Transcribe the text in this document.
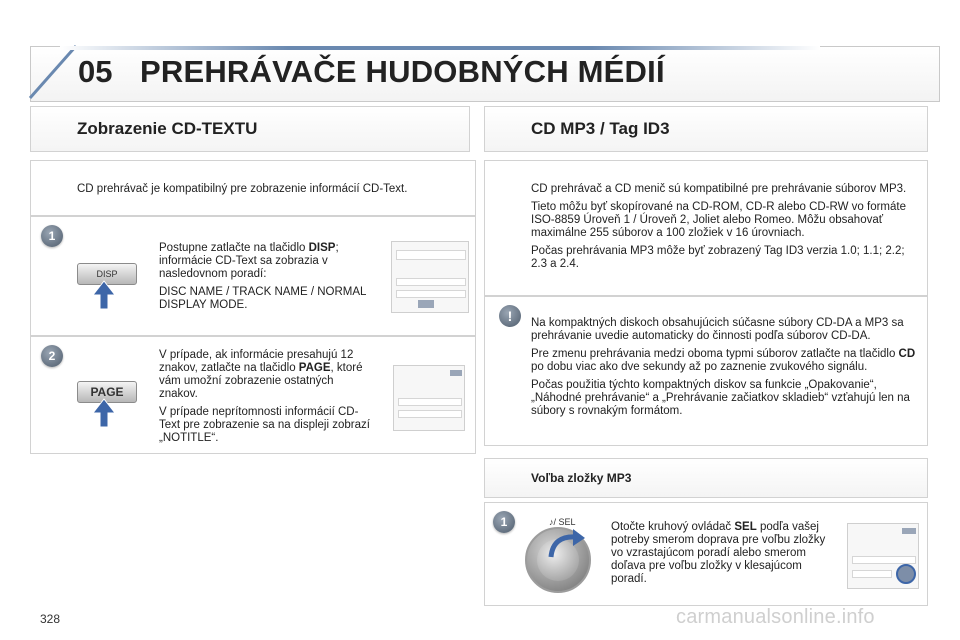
05 PREHRÁVAČE HUDOBNÝCH MÉDIÍ
Zobrazenie CD-TEXTU
CD prehrávač je kompatibilný pre zobrazenie informácií CD-Text.
1
DISP

Postupne zatlačte na tlačidlo DISP; informácie CD-Text sa zobrazia v nasledovnom poradí:

DISC NAME / TRACK NAME / NORMAL DISPLAY MODE.

2
PAGE

V prípade, ak informácie presahujú 12 znakov, zatlačte na tlačidlo PAGE, ktoré vám umožní zobrazenie ostatných znakov.

V prípade neprítomnosti informácií CD-Text pre zobrazenie sa na displeji zobrazí „NOTITLE“.

CD MP3 / Tag ID3

CD prehrávač a CD menič sú kompatibilné pre prehrávanie súborov MP3.

Tieto môžu byť skopírované na CD-ROM, CD-R alebo CD-RW vo formáte ISO-8859 Úroveň 1 / Úroveň 2, Joliet alebo Romeo. Môžu obsahovať maximálne 255 súborov a 100 zložiek v 16 úrovniach.

Počas prehrávania MP3 môže byť zobrazený Tag ID3 verzia 1.0; 1.1; 2.2; 2.3 a 2.4.

!	Na kompaktných diskoch obsahujúcich súčasne súbory CD-DA a MP3 sa prehrávanie uvedie automaticky do činnosti podľa súborov CD-DA.

Pre zmenu prehrávania medzi oboma typmi súborov zatlačte na tlačidlo CD po dobu viac ako dve sekundy až po zaznenie zvukového signálu.

Počas použitia týchto kompaktných diskov sa funkcie „Opakovanie“, „Náhodné prehrávanie“ a „Prehrávanie začiatkov skladieb“ vzťahujú len na súbory s rovnakým formátom.

Voľba zložky MP3
1	♪/ SEL	Otočte kruhový ovládač SEL podľa vašej potreby smerom doprava pre voľbu zložky vo vzrastajúcom poradí alebo smerom doľava pre voľbu zložky v klesajúcom poradí.

328	carmanualsonline.info
